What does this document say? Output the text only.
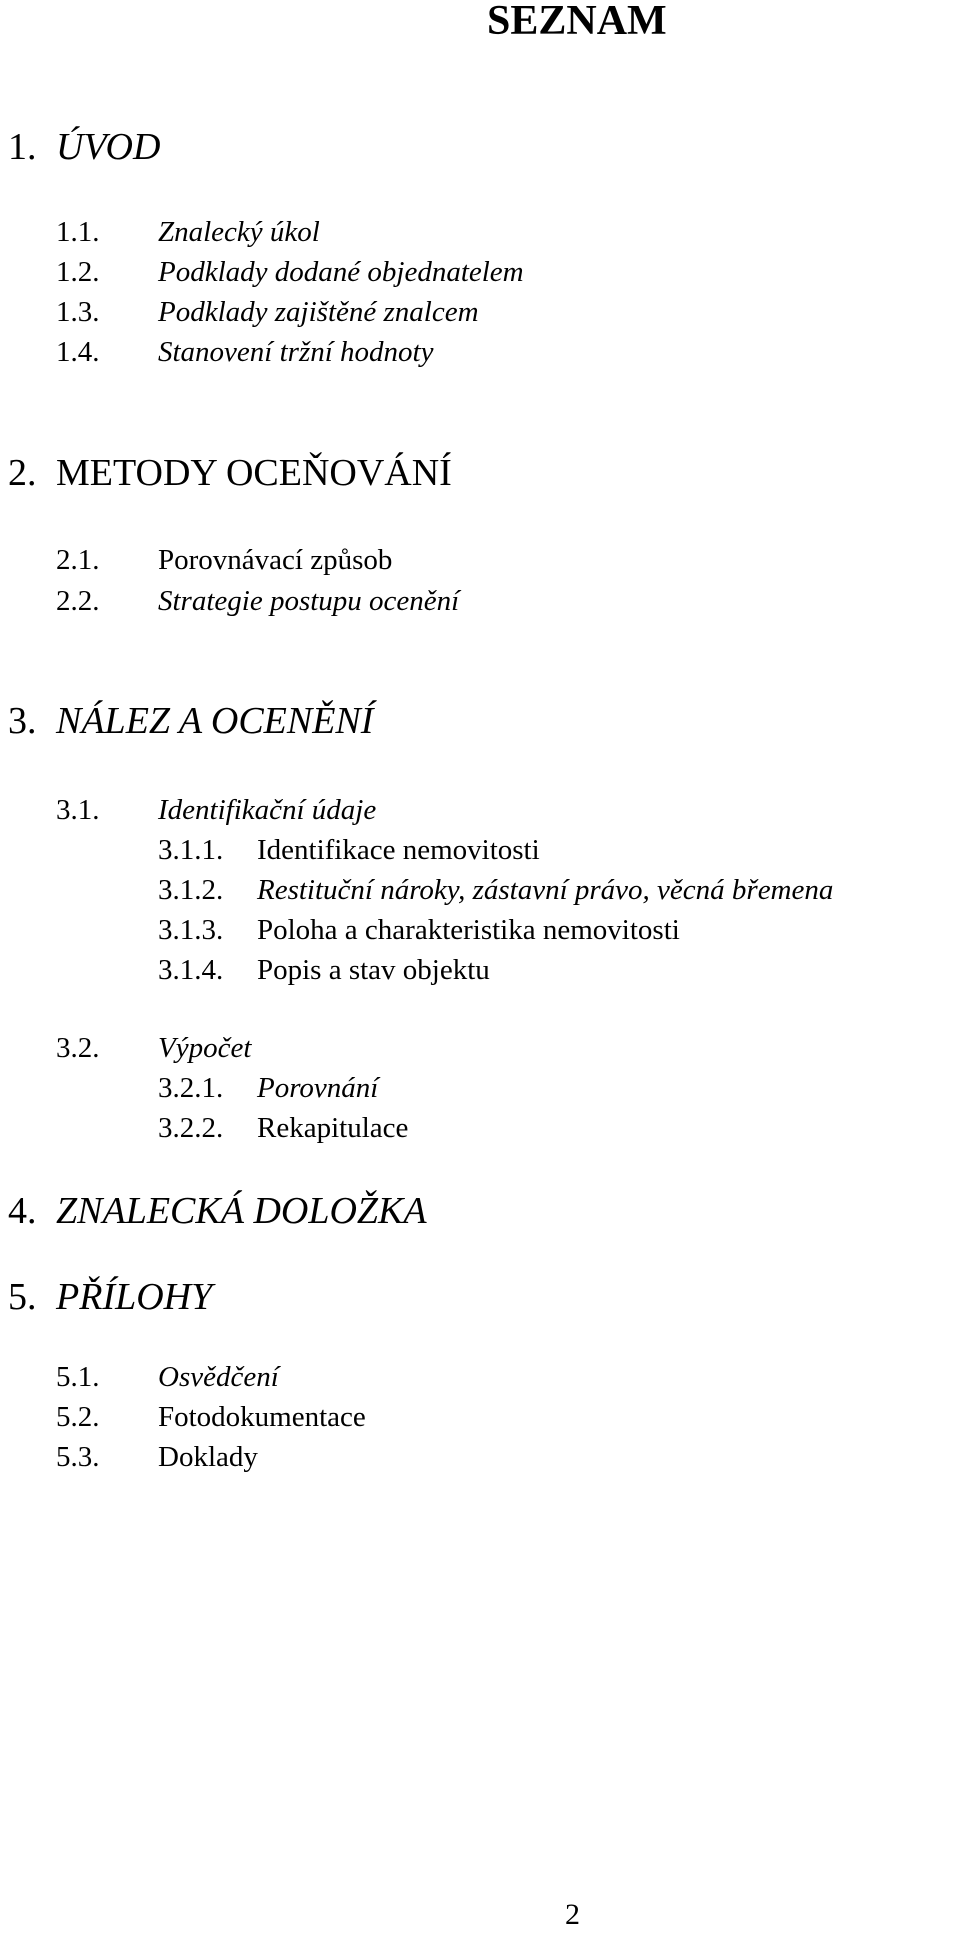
SEZNAM
1. ÚVOD
1.1. Znalecký úkol
1.2. Podklady dodané objednatelem
1.3. Podklady zajištěné znalcem
1.4. Stanovení tržní hodnoty
2. METODY OCEŇOVÁNÍ
2.1. Porovnávací způsob
2.2. Strategie postupu ocenění
3. NÁLEZ A OCENĚNÍ
3.1. Identifikační údaje
3.1.1. Identifikace nemovitosti
3.1.2. Restituční nároky, zástavní právo, věcná břemena
3.1.3. Poloha a charakteristika nemovitosti
3.1.4. Popis a stav objektu
3.2. Výpočet
3.2.1. Porovnání
3.2.2. Rekapitulace
4. ZNALECKÁ DOLOŽKA
5. PŘÍLOHY
5.1. Osvědčení
5.2. Fotodokumentace
5.3. Doklady
2
